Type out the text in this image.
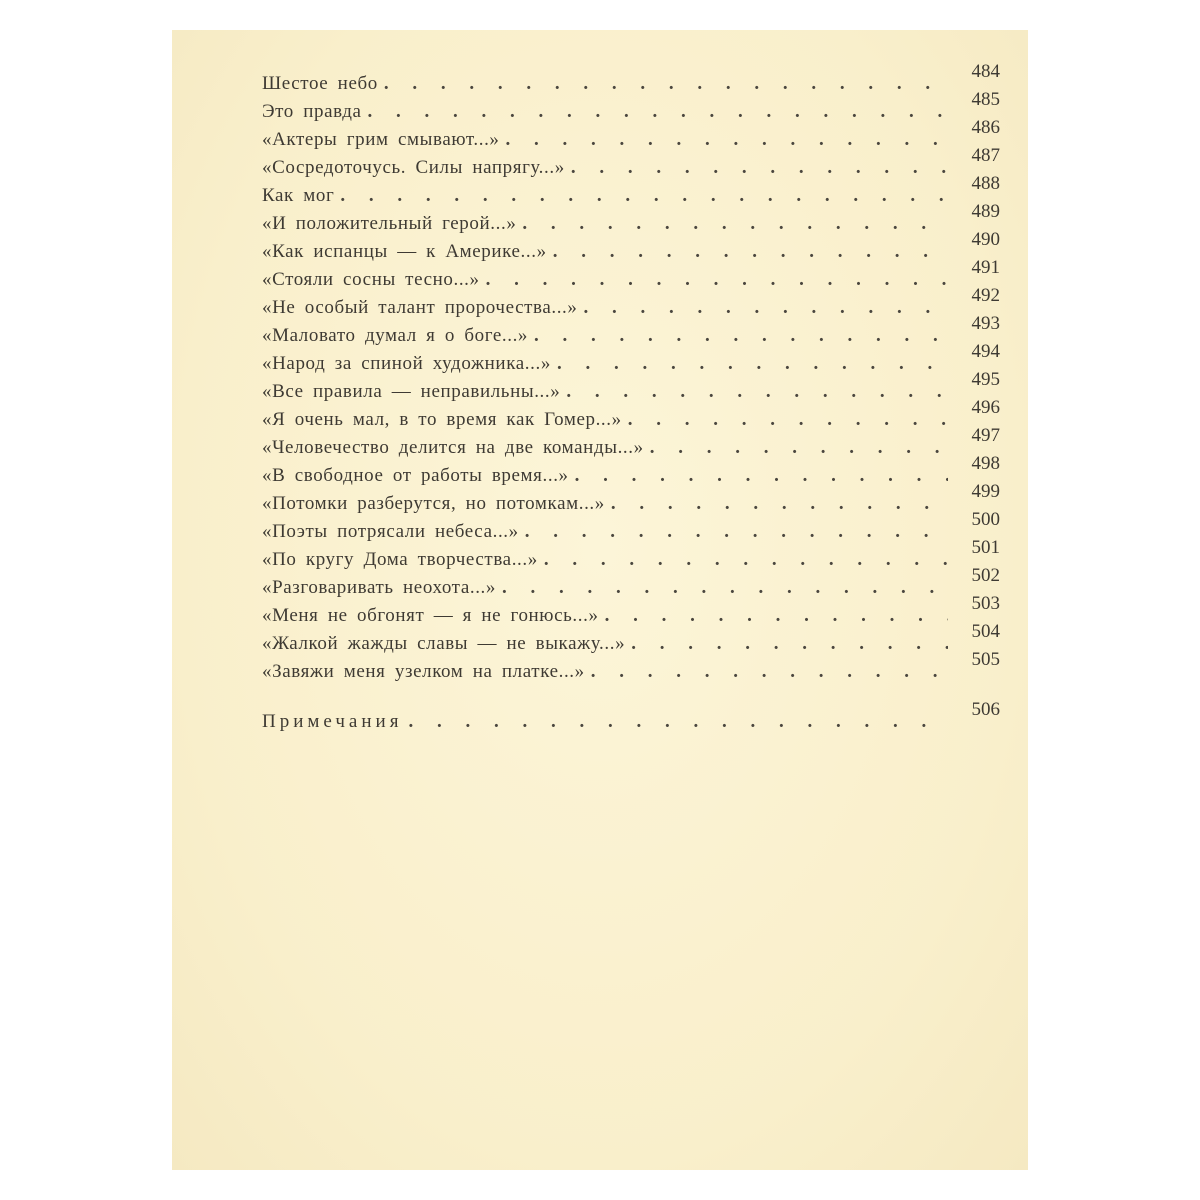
Шестое небо
.
484
Это правда
.
485
«Актеры грим смывают...»
.
486
«Сосредоточусь. Силы напрягу...»
.
487
Как мог
.
488
«И положительный герой...»
.
489
«Как испанцы — к Америке...»
.
490
«Стояли сосны тесно...»
.
491
«Не особый талант пророчества...»
.
492
«Маловато думал я о боге...»
.
493
«Народ за спиной художника...»
.
494
«Все правила — неправильны...»
.
495
«Я очень мал, в то время как Гомер...»
.
496
«Человечество делится на две команды...»
.
497
«В свободное от работы время...»
.
498
«Потомки разберутся, но потомкам...»
.
499
«Поэты потрясали небеса...»
.
500
«По кругу Дома творчества...»
.
501
«Разговаривать неохота...»
.
502
«Меня не обгонят — я не гонюсь...»
.
503
«Жалкой жажды славы — не выкажу...»
.
504
«Завяжи меня узелком на платке...»
.
505
Примечания
.
506
